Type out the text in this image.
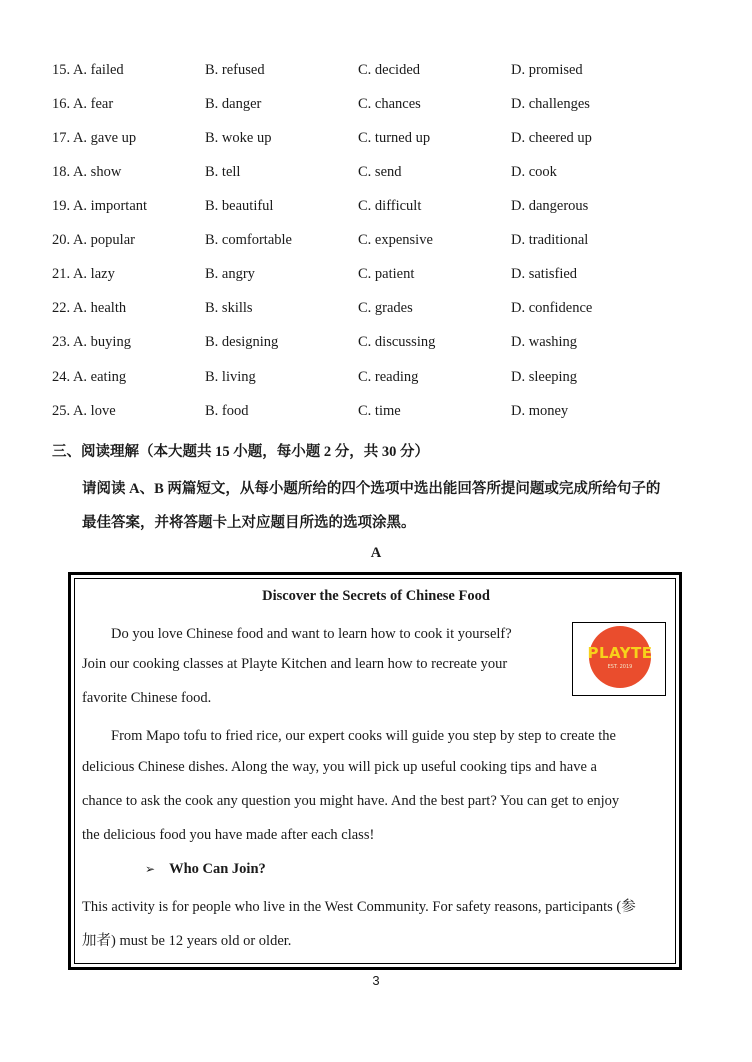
15. A. failed	B. refused	C. decided	D. promised
16. A. fear	B. danger	C. chances	D. challenges
17. A. gave up	B. woke up	C. turned up	D. cheered up
18. A. show	B. tell	C. send	D. cook
19. A. important	B. beautiful	C. difficult	D. dangerous
20. A. popular	B. comfortable	C. expensive	D. traditional
21. A. lazy	B. angry	C. patient	D. satisfied
22. A. health	B. skills	C. grades	D. confidence
23. A. buying	B. designing	C. discussing	D. washing
24. A. eating	B. living	C. reading	D. sleeping
25. A. love	B. food	C. time	D. money
三、阅读理解（本大题共 15 小题，每小题 2 分，共 30 分）
请阅读 A、B 两篇短文，从每小题所给的四个选项中选出能回答所提问题或完成所给句子的
最佳答案，并将答题卡上对应题目所选的选项涂黑。
A
Discover the Secrets of Chinese Food
PLAYTE
EST. 2019
　　Do you love Chinese food and want to learn how to cook it yourself?
Join our cooking classes at Playte Kitchen and learn how to recreate your
favorite Chinese food.
　　From Mapo tofu to fried rice, our expert cooks will guide you step by step to create the
delicious Chinese dishes. Along the way, you will pick up useful cooking tips and have a
chance to ask the cook any question you might have. And the best part? You can get to enjoy
the delicious food you have made after each class!
➢ Who Can Join?
This activity is for people who live in the West Community. For safety reasons, participants (参
加者) must be 12 years old or older.
3
